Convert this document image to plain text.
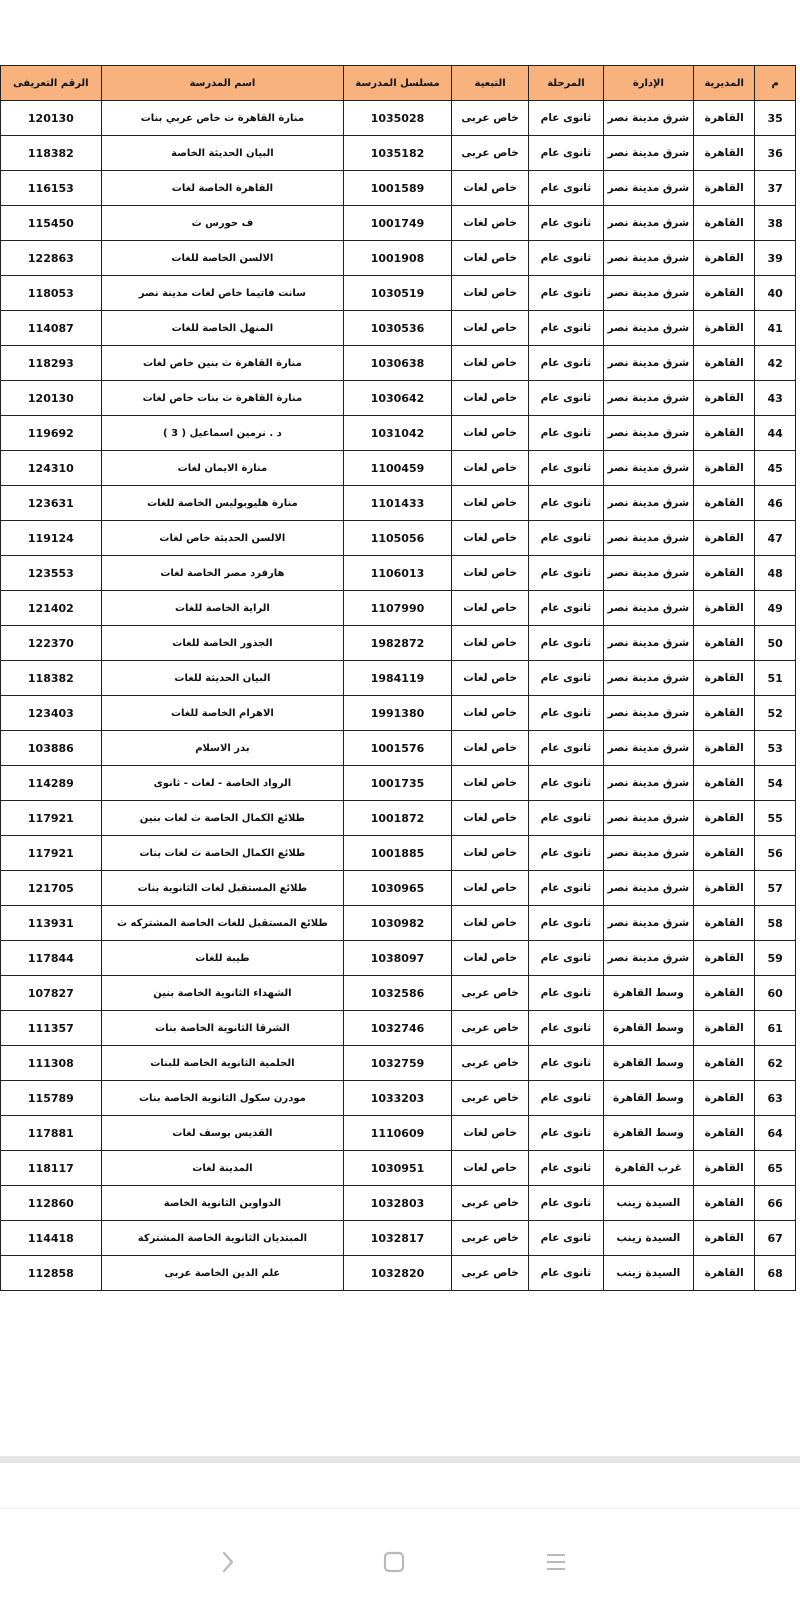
الرقم التعريفى	اسم المدرسة	مسلسل المدرسة	التبعية	المرحلة	الإدارة	المديرية	م
120130	منارة القاهرة ث خاص عربي بنات	1035028	خاص عربى	ثانوى عام	شرق مدينة نصر	القاهرة	35
118382	البيان الحديثة الخاصة	1035182	خاص عربى	ثانوى عام	شرق مدينة نصر	القاهرة	36
116153	القاهرة الخاصة لغات	1001589	خاص لغات	ثانوى عام	شرق مدينة نصر	القاهرة	37
115450	ف حورس ث	1001749	خاص لغات	ثانوى عام	شرق مدينة نصر	القاهرة	38
122863	الالسن الخاصة للغات	1001908	خاص لغات	ثانوى عام	شرق مدينة نصر	القاهرة	39
118053	سانت فاتيما خاص لغات مدينة نصر	1030519	خاص لغات	ثانوى عام	شرق مدينة نصر	القاهرة	40
114087	المنهل الخاصة للغات	1030536	خاص لغات	ثانوى عام	شرق مدينة نصر	القاهرة	41
118293	منارة القاهرة ث بنين خاص لغات	1030638	خاص لغات	ثانوى عام	شرق مدينة نصر	القاهرة	42
120130	منارة القاهرة ث بنات خاص لغات	1030642	خاص لغات	ثانوى عام	شرق مدينة نصر	القاهرة	43
119692	د . نرمين اسماعيل ( 3 )	1031042	خاص لغات	ثانوى عام	شرق مدينة نصر	القاهرة	44
124310	منارة الايمان لغات	1100459	خاص لغات	ثانوى عام	شرق مدينة نصر	القاهرة	45
123631	منارة هليوبوليس الخاصة للغات	1101433	خاص لغات	ثانوى عام	شرق مدينة نصر	القاهرة	46
119124	الالسن الحديثة خاص لغات	1105056	خاص لغات	ثانوى عام	شرق مدينة نصر	القاهرة	47
123553	هارفرد مصر الخاصة لغات	1106013	خاص لغات	ثانوى عام	شرق مدينة نصر	القاهرة	48
121402	الراية الخاصة للغات	1107990	خاص لغات	ثانوى عام	شرق مدينة نصر	القاهرة	49
122370	الجذور الخاصة للغات	1982872	خاص لغات	ثانوى عام	شرق مدينة نصر	القاهرة	50
118382	البيان الحديثة للغات	1984119	خاص لغات	ثانوى عام	شرق مدينة نصر	القاهرة	51
123403	الاهرام الخاصة للغات	1991380	خاص لغات	ثانوى عام	شرق مدينة نصر	القاهرة	52
103886	بدر الاسلام	1001576	خاص لغات	ثانوى عام	شرق مدينة نصر	القاهرة	53
114289	الرواد الخاصة - لغات - ثانوى	1001735	خاص لغات	ثانوى عام	شرق مدينة نصر	القاهرة	54
117921	طلائع الكمال الخاصة ث لغات بنين	1001872	خاص لغات	ثانوى عام	شرق مدينة نصر	القاهرة	55
117921	طلائع الكمال الخاصة ث لغات بنات	1001885	خاص لغات	ثانوى عام	شرق مدينة نصر	القاهرة	56
121705	طلائع المستقبل لغات الثانوية بنات	1030965	خاص لغات	ثانوى عام	شرق مدينة نصر	القاهرة	57
113931	طلائع المستقبل للغات الخاصة المشتركه ث	1030982	خاص لغات	ثانوى عام	شرق مدينة نصر	القاهرة	58
117844	طيبة للغات	1038097	خاص لغات	ثانوى عام	شرق مدينة نصر	القاهرة	59
107827	الشهداء الثانوية الخاصة بنين	1032586	خاص عربى	ثانوى عام	وسط القاهرة	القاهرة	60
111357	الشرقا الثانوية الخاصة بنات	1032746	خاص عربى	ثانوى عام	وسط القاهرة	القاهرة	61
111308	الحلمية الثانوية الخاصة للبنات	1032759	خاص عربى	ثانوى عام	وسط القاهرة	القاهرة	62
115789	مودرن سكول الثانوية الخاصة بنات	1033203	خاص عربى	ثانوى عام	وسط القاهرة	القاهرة	63
117881	القديس يوسف لغات	1110609	خاص لغات	ثانوى عام	وسط القاهرة	القاهرة	64
118117	المدينة لغات	1030951	خاص لغات	ثانوى عام	غرب القاهرة	القاهرة	65
112860	الدواوين الثانوية الخاصة	1032803	خاص عربى	ثانوى عام	السيدة زينب	القاهرة	66
114418	المبتديان الثانوية الخاصة المشتركة	1032817	خاص عربى	ثانوى عام	السيدة زينب	القاهرة	67
112858	علم الدين الخاصة عربى	1032820	خاص عربى	ثانوى عام	السيدة زينب	القاهرة	68
